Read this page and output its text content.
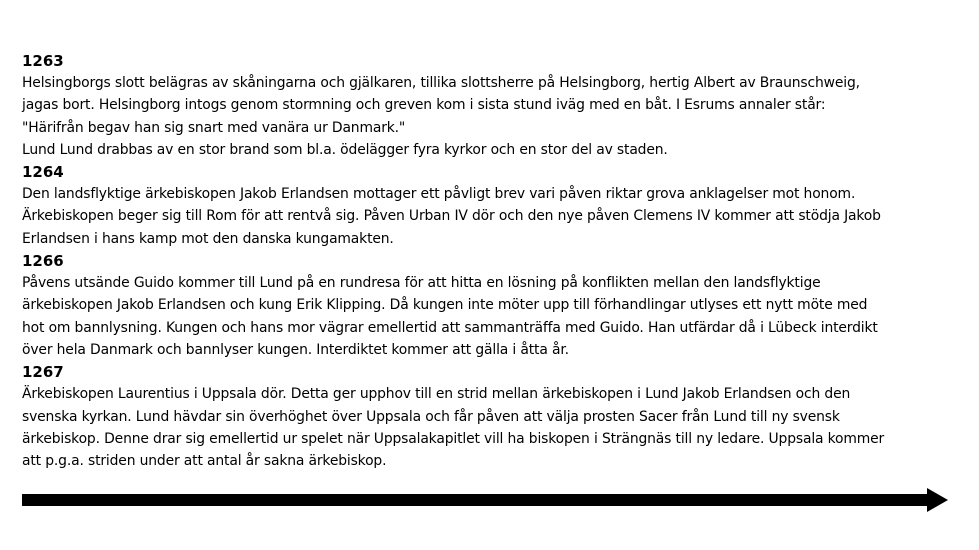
1263
Helsingborgs slott belägras av skåningarna och gjälkaren, tillika slottsherre på Helsingborg, hertig Albert av Braunschweig,
jagas bort. Helsingborg intogs genom stormning och greven kom i sista stund iväg med en båt. I Esrums annaler står:
"Härifrån begav han sig snart med vanära ur Danmark."
Lund Lund drabbas av en stor brand som bl.a. ödelägger fyra kyrkor och en stor del av staden.
1264
Den landsflyktige ärkebiskopen Jakob Erlandsen mottager ett påvligt brev vari påven riktar grova anklagelser mot honom.
Ärkebiskopen beger sig till Rom för att rentvå sig. Påven Urban IV dör och den nye påven Clemens IV kommer att stödja Jakob
Erlandsen i hans kamp mot den danska kungamakten.
1266
Påvens utsände Guido kommer till Lund på en rundresa för att hitta en lösning på konflikten mellan den landsflyktige
ärkebiskopen Jakob Erlandsen och kung Erik Klipping. Då kungen inte möter upp till förhandlingar utlyses ett nytt möte med
hot om bannlysning. Kungen och hans mor vägrar emellertid att sammanträffa med Guido. Han utfärdar då i Lübeck interdikt
över hela Danmark och bannlyser kungen. Interdiktet kommer att gälla i åtta år.
1267
Ärkebiskopen Laurentius i Uppsala dör. Detta ger upphov till en strid mellan ärkebiskopen i Lund Jakob Erlandsen och den
svenska kyrkan. Lund hävdar sin överhöghet över Uppsala och får påven att välja prosten Sacer från Lund till ny svensk
ärkebiskop. Denne drar sig emellertid ur spelet när Uppsalakapitlet vill ha biskopen i Strängnäs till ny ledare. Uppsala kommer
att p.g.a. striden under att antal år sakna ärkebiskop.
